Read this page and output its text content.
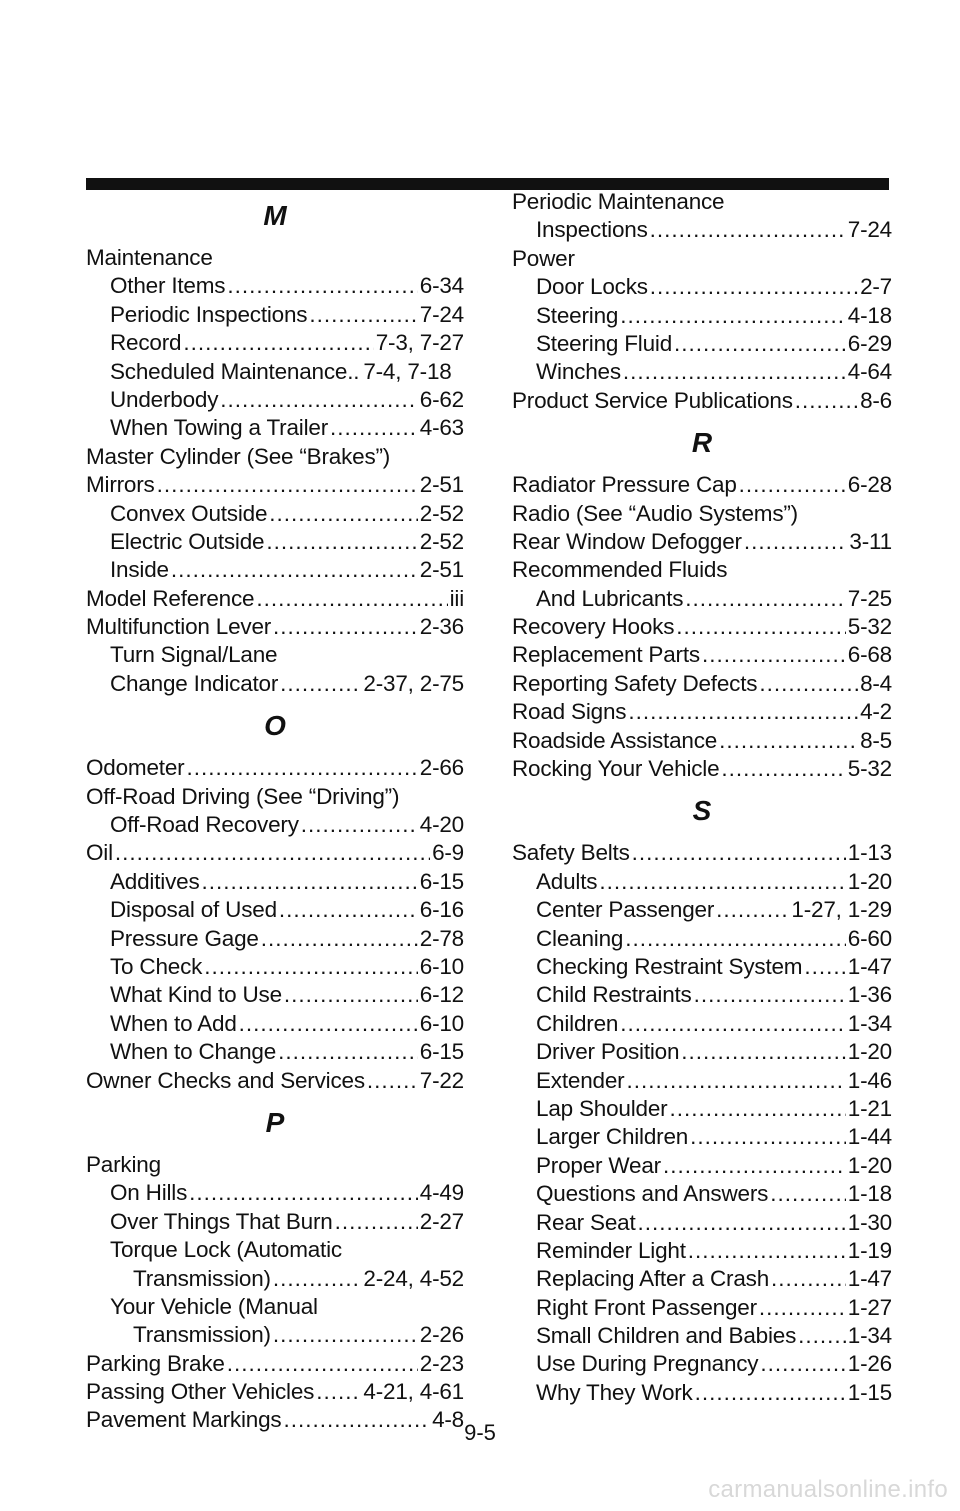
M
Maintenance
Other Items .....	6-34
Periodic Inspections .....	7-24
Record .....	7-3, 7-27
Scheduled Maintenance.. 7-4, 7-18
Underbody .....	6-62
When Towing a Trailer .....	4-63
Master Cylinder (See “Brakes”)
Mirrors .....	2-51
Convex Outside .....	2-52
Electric Outside .....	2-52
Inside .....	2-51
Model Reference .....	iii
Multifunction Lever .....	2-36
Turn Signal/Lane
Change Indicator .....	2-37, 2-75
O
Odometer .....	2-66
Off-Road Driving (See “Driving”)
Off-Road Recovery .....	4-20
Oil .....	6-9
Additives .....	6-15
Disposal of Used .....	6-16
Pressure Gage .....	2-78
To Check .....	6-10
What Kind to Use .....	6-12
When to Add .....	6-10
When to Change .....	6-15
Owner Checks and Services ..... 7-22
P
Parking
On Hills .....	4-49
Over Things That Burn .....	2-27
Torque Lock (Automatic
Transmission) .....	2-24, 4-52
Your Vehicle (Manual
Transmission) .....	2-26
Parking Brake .....	2-23
Passing Other Vehicles ..... 4-21, 4-61
Pavement Markings .....	4-8
Periodic Maintenance
Inspections .....	7-24
Power
Door Locks .....	2-7
Steering .....	4-18
Steering Fluid .....	6-29
Winches .....	4-64
Product Service Publications .....	8-6
R
Radiator Pressure Cap .....	6-28
Radio (See “Audio Systems”)
Rear Window Defogger .....	3-11
Recommended Fluids
And Lubricants .....	7-25
Recovery Hooks .....	5-32
Replacement Parts .....	6-68
Reporting Safety Defects .....	8-4
Road Signs .....	4-2
Roadside Assistance .....	8-5
Rocking Your Vehicle .....	5-32
S
Safety Belts .....	1-13
Adults .....	1-20
Center Passenger .....	1-27, 1-29
Cleaning .....	6-60
Checking Restraint System ..... 1-47
Child Restraints .....	1-36
Children .....	1-34
Driver Position .....	1-20
Extender .....	1-46
Lap Shoulder .....	1-21
Larger Children .....	1-44
Proper Wear .....	1-20
Questions and Answers .....	1-18
Rear Seat .....	1-30
Reminder Light .....	1-19
Replacing After a Crash .....	1-47
Right Front Passenger .....	1-27
Small Children and Babies ..... 1-34
Use During Pregnancy .....	1-26
Why They Work .....	1-15
9-5
carmanualsonline.info
